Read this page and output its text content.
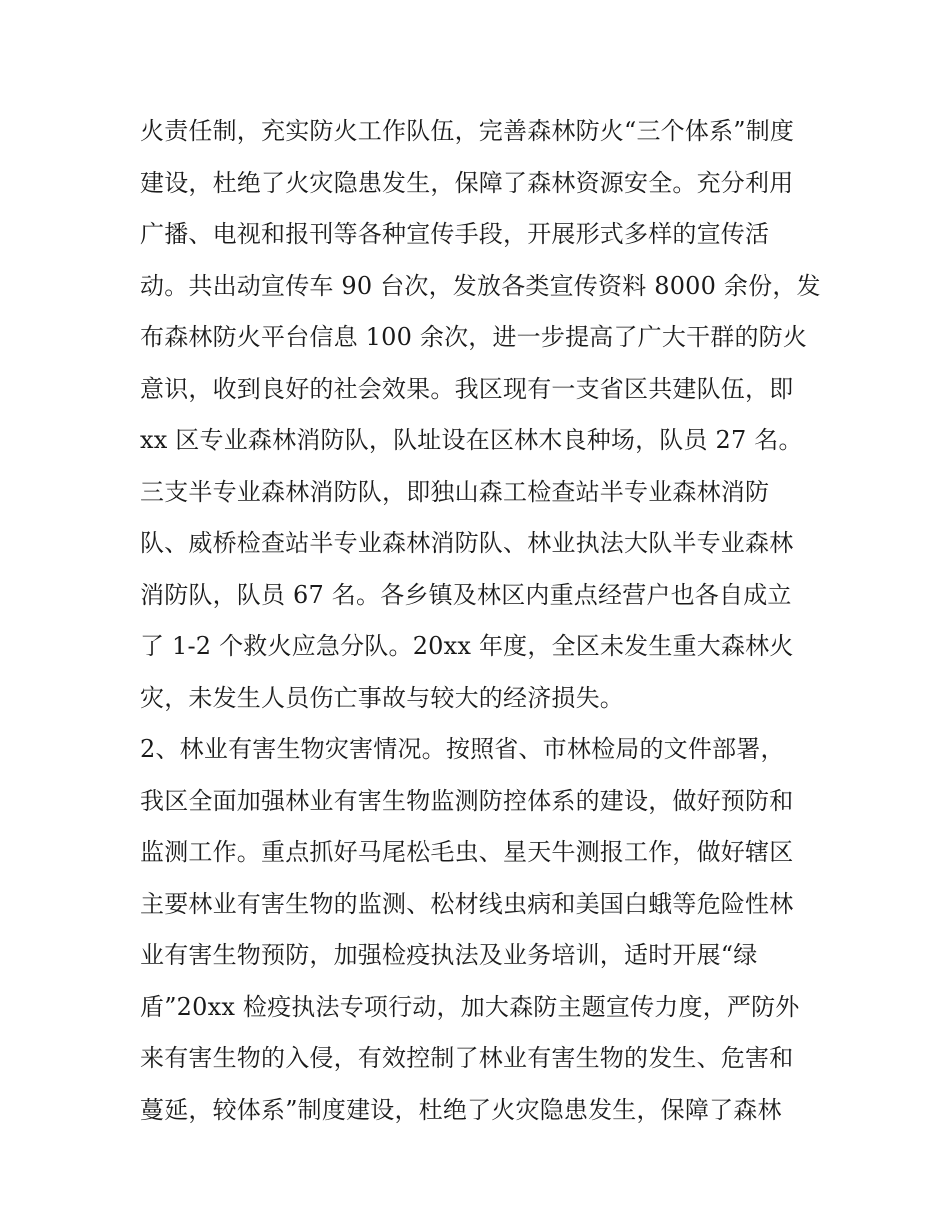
火责任制，充实防火工作队伍，完善森林防火“三个体系”制度
建设，杜绝了火灾隐患发生，保障了森林资源安全。充分利用
广播、电视和报刊等各种宣传手段，开展形式多样的宣传活
动。共出动宣传车 90 台次，发放各类宣传资料 8000 余份，发
布森林防火平台信息 100 余次，进一步提高了广大干群的防火
意识，收到良好的社会效果。我区现有一支省区共建队伍，即
xx 区专业森林消防队，队址设在区林木良种场，队员 27 名。
三支半专业森林消防队，即独山森工检查站半专业森林消防
队、威桥检查站半专业森林消防队、林业执法大队半专业森林
消防队，队员 67 名。各乡镇及林区内重点经营户也各自成立
了 1-2 个救火应急分队。20xx 年度，全区未发生重大森林火
灾，未发生人员伤亡事故与较大的经济损失。
2、林业有害生物灾害情况。按照省、市林检局的文件部署，
我区全面加强林业有害生物监测防控体系的建设，做好预防和
监测工作。重点抓好马尾松毛虫、星天牛测报工作，做好辖区
主要林业有害生物的监测、松材线虫病和美国白蛾等危险性林
业有害生物预防，加强检疫执法及业务培训，适时开展“绿
盾”20xx 检疫执法专项行动，加大森防主题宣传力度，严防外
来有害生物的入侵，有效控制了林业有害生物的发生、危害和
蔓延，较体系”制度建设，杜绝了火灾隐患发生，保障了森林
